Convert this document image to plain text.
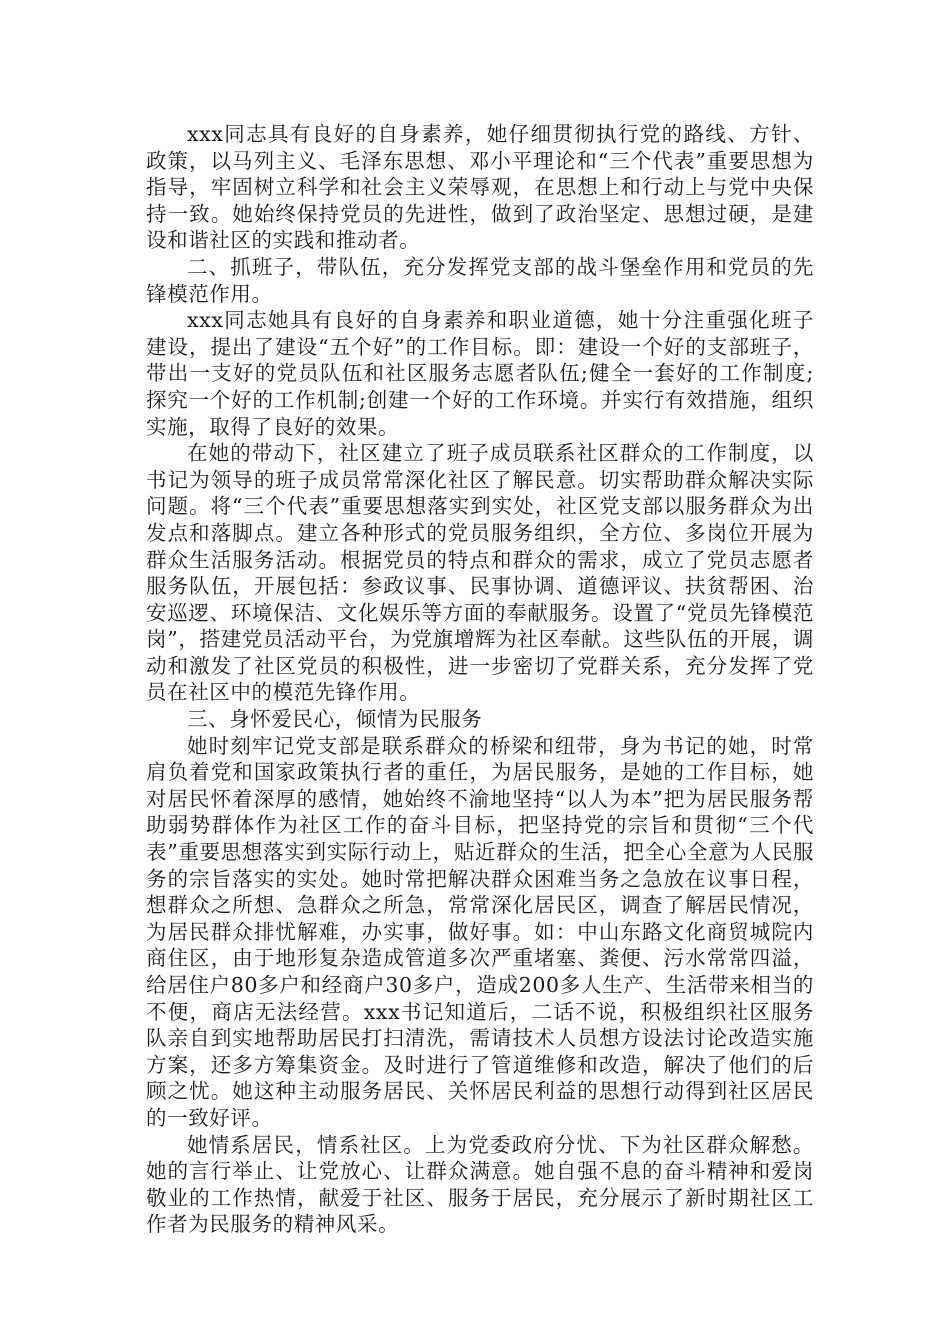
xxx同志具有良好的自身素养，她仔细贯彻执行党的路线、方针、政策，以马列主义、毛泽东思想、邓小平理论和“三个代表”重要思想为指导，牢固树立科学和社会主义荣辱观，在思想上和行动上与党中央保持一致。她始终保持党员的先进性，做到了政治坚定、思想过硬，是建设和谐社区的实践和推动者。

二、抓班子，带队伍，充分发挥党支部的战斗堡垒作用和党员的先锋模范作用。

xxx同志她具有良好的自身素养和职业道德，她十分注重强化班子建设，提出了建设“五个好”的工作目标。即：建设一个好的支部班子，带出一支好的党员队伍和社区服务志愿者队伍;健全一套好的工作制度;探究一个好的工作机制;创建一个好的工作环境。并实行有效措施，组织实施，取得了良好的效果。

在她的带动下，社区建立了班子成员联系社区群众的工作制度，以书记为领导的班子成员常常深化社区了解民意。切实帮助群众解决实际问题。将“三个代表”重要思想落实到实处，社区党支部以服务群众为出发点和落脚点。建立各种形式的党员服务组织，全方位、多岗位开展为群众生活服务活动。根据党员的特点和群众的需求，成立了党员志愿者服务队伍，开展包括：参政议事、民事协调、道德评议、扶贫帮困、治安巡逻、环境保洁、文化娱乐等方面的奉献服务。设置了“党员先锋模范岗”，搭建党员活动平台，为党旗增辉为社区奉献。这些队伍的开展，调动和激发了社区党员的积极性，进一步密切了党群关系，充分发挥了党员在社区中的模范先锋作用。

三、身怀爱民心，倾情为民服务

她时刻牢记党支部是联系群众的桥梁和纽带，身为书记的她，时常肩负着党和国家政策执行者的重任，为居民服务，是她的工作目标，她对居民怀着深厚的感情，她始终不渝地坚持“以人为本”把为居民服务帮助弱势群体作为社区工作的奋斗目标，把坚持党的宗旨和贯彻“三个代表”重要思想落实到实际行动上，贴近群众的生活，把全心全意为人民服务的宗旨落实的实处。她时常把解决群众困难当务之急放在议事日程，想群众之所想、急群众之所急，常常深化居民区，调查了解居民情况，为居民群众排忧解难，办实事，做好事。如：中山东路文化商贸城院内商住区，由于地形复杂造成管道多次严重堵塞、粪便、污水常常四溢，给居住户80多户和经商户30多户，造成200多人生产、生活带来相当的不便，商店无法经营。xxx书记知道后，二话不说，积极组织社区服务队亲自到实地帮助居民打扫清洗，需请技术人员想方设法讨论改造实施方案，还多方筹集资金。及时进行了管道维修和改造，解决了他们的后顾之忧。她这种主动服务居民、关怀居民利益的思想行动得到社区居民的一致好评。

她情系居民，情系社区。上为党委政府分忧、下为社区群众解愁。她的言行举止、让党放心、让群众满意。她自强不息的奋斗精神和爱岗敬业的工作热情，献爱于社区、服务于居民，充分展示了新时期社区工作者为民服务的精神风采。
